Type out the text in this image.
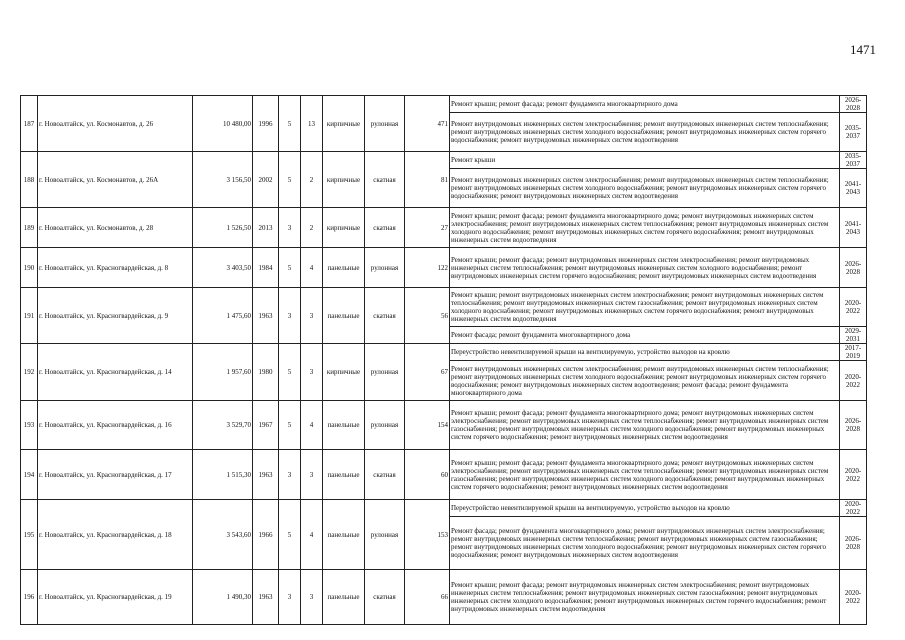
1471
187	г. Новоалтайск, ул. Космонавтов, д. 26	10 480,00	1996	5	13	кирпичные	рулонная	471	Ремонт крыши; ремонт фасада; ремонт фундамента многоквартирного дома	2026-2028
									Ремонт внутридомовых инженерных систем электроснабжения; ремонт внутридомовых инженерных систем теплоснабжения; ремонт внутридомовых инженерных систем холодного водоснабжения; ремонт внутридомовых инженерных систем горячего водоснабжения; ремонт внутридомовых инженерных систем водоотведения	2035-2037
188	г. Новоалтайск, ул. Космонавтов, д. 26А	3 156,50	2002	5	2	кирпичные	скатная	81	Ремонт крыши	2035-2037
									Ремонт внутридомовых инженерных систем электроснабжения; ремонт внутридомовых инженерных систем теплоснабжения; ремонт внутридомовых инженерных систем холодного водоснабжения; ремонт внутридомовых инженерных систем горячего водоснабжения; ремонт внутридомовых инженерных систем водоотведения	2041-2043
189	г. Новоалтайск, ул. Космонавтов, д. 28	1 526,50	2013	3	2	кирпичные	скатная	27	Ремонт крыши; ремонт фасада; ремонт фундамента многоквартирного дома; ремонт внутридомовых инженерных систем электроснабжения; ремонт внутридомовых инженерных систем теплоснабжения; ремонт внутридомовых инженерных систем холодного водоснабжения; ремонт внутридомовых инженерных систем горячего водоснабжения; ремонт внутридомовых инженерных систем водоотведения	2041-2043
190	г. Новоалтайск, ул. Красногвардейская, д. 8	3 403,50	1984	5	4	панельные	рулонная	122	Ремонт крыши; ремонт фасада; ремонт внутридомовых инженерных систем электроснабжения; ремонт внутридомовых инженерных систем теплоснабжения; ремонт внутридомовых инженерных систем холодного водоснабжения; ремонт внутридомовых инженерных систем горячего водоснабжения; ремонт внутридомовых инженерных систем водоотведения	2026-2028
191	г. Новоалтайск, ул. Красногвардейская, д. 9	1 475,60	1963	3	3	панельные	скатная	56	Ремонт крыши; ремонт внутридомовых инженерных систем электроснабжения; ремонт внутридомовых инженерных систем теплоснабжения; ремонт внутридомовых инженерных систем газоснабжения; ремонт внутридомовых инженерных систем холодного водоснабжения; ремонт внутридомовых инженерных систем горячего водоснабжения; ремонт внутридомовых инженерных систем водоотведения	2020-2022
									Ремонт фасада; ремонт фундамента многоквартирного дома	2029-2031
192	г. Новоалтайск, ул. Красногвардейская, д. 14	1 957,60	1980	5	3	кирпичные	рулонная	67	Переустройство невентилируемой крыши на вентилируемую, устройство выходов на кровлю	2017-2019
									Ремонт внутридомовых инженерных систем электроснабжения; ремонт внутридомовых инженерных систем теплоснабжения; ремонт внутридомовых инженерных систем холодного водоснабжения; ремонт внутридомовых инженерных систем горячего водоснабжения; ремонт внутридомовых инженерных систем водоотведения; ремонт фасада; ремонт фундамента многоквартирного дома	2020-2022
193	г. Новоалтайск, ул. Красногвардейская, д. 16	3 529,70	1967	5	4	панельные	рулонная	154	Ремонт крыши; ремонт фасада; ремонт фундамента многоквартирного дома; ремонт внутридомовых инженерных систем электроснабжения; ремонт внутридомовых инженерных систем теплоснабжения; ремонт внутридомовых инженерных систем газоснабжения; ремонт внутридомовых инженерных систем холодного водоснабжения; ремонт внутридомовых инженерных систем горячего водоснабжения; ремонт внутридомовых инженерных систем водоотведения	2026-2028
194	г. Новоалтайск, ул. Красногвардейская, д. 17	1 515,30	1963	3	3	панельные	скатная	60	Ремонт крыши; ремонт фасада; ремонт фундамента многоквартирного дома; ремонт внутридомовых инженерных систем электроснабжения; ремонт внутридомовых инженерных систем теплоснабжения; ремонт внутридомовых инженерных систем газоснабжения; ремонт внутридомовых инженерных систем холодного водоснабжения; ремонт внутридомовых инженерных систем горячего водоснабжения; ремонт внутридомовых инженерных систем водоотведения	2020-2022
195	г. Новоалтайск, ул. Красногвардейская, д. 18	3 543,60	1966	5	4	панельные	рулонная	153	Переустройство невентилируемой крыши на вентилируемую, устройство выходов на кровлю	2020-2022
									Ремонт фасада; ремонт фундамента многоквартирного дома; ремонт внутридомовых инженерных систем электроснабжения; ремонт внутридомовых инженерных систем теплоснабжения; ремонт внутридомовых инженерных систем газоснабжения; ремонт внутридомовых инженерных систем холодного водоснабжения; ремонт внутридомовых инженерных систем горячего водоснабжения; ремонт внутридомовых инженерных систем водоотведения	2026-2028
196	г. Новоалтайск, ул. Красногвардейская, д. 19	1 490,30	1963	3	3	панельные	скатная	66	Ремонт крыши; ремонт фасада; ремонт внутридомовых инженерных систем электроснабжения; ремонт внутридомовых инженерных систем теплоснабжения; ремонт внутридомовых инженерных систем газоснабжения; ремонт внутридомовых инженерных систем холодного водоснабжения; ремонт внутридомовых инженерных систем горячего водоснабжения; ремонт внутридомовых инженерных систем водоотведения	2020-2022
